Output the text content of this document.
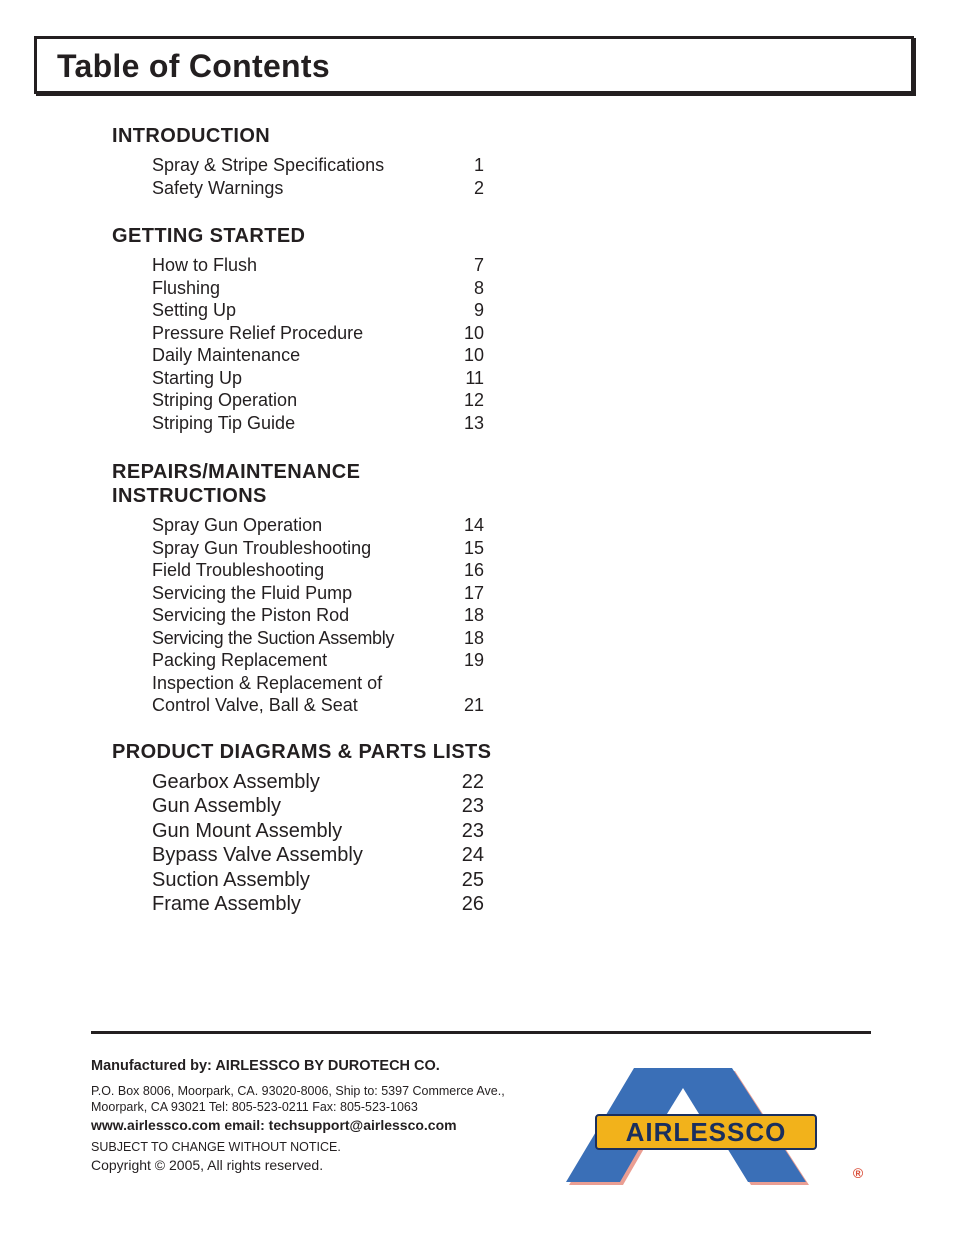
Table of Contents
INTRODUCTION
Spray & Stripe Specifications	1
Safety Warnings	2
GETTING STARTED
How to Flush	7
Flushing	8
Setting Up	9
Pressure Relief Procedure	10
Daily Maintenance	10
Starting Up	11
Striping Operation	12
Striping Tip Guide	13
REPAIRS/MAINTENANCE
INSTRUCTIONS
Spray Gun Operation	14
Spray Gun Troubleshooting	15
Field Troubleshooting	16
Servicing the Fluid Pump	17
Servicing the Piston Rod	18
Servicing the Suction Assembly	18
Packing Replacement	19
Inspection & Replacement of
Control Valve, Ball & Seat	21
PRODUCT DIAGRAMS & PARTS LISTS
Gearbox Assembly	22
Gun Assembly	23
Gun Mount Assembly	23
Bypass Valve Assembly	24
Suction Assembly	25
Frame Assembly	26
Manufactured by: AIRLESSCO BY DUROTECH CO.
P.O. Box 8006, Moorpark, CA. 93020-8006, Ship to: 5397 Commerce Ave.,
Moorpark, CA 93021 Tel: 805-523-0211 Fax: 805-523-1063
www.airlessco.com email: techsupport@airlessco.com
SUBJECT TO CHANGE WITHOUT NOTICE.
Copyright © 2005, All rights reserved.
AIRLESSCO
®
